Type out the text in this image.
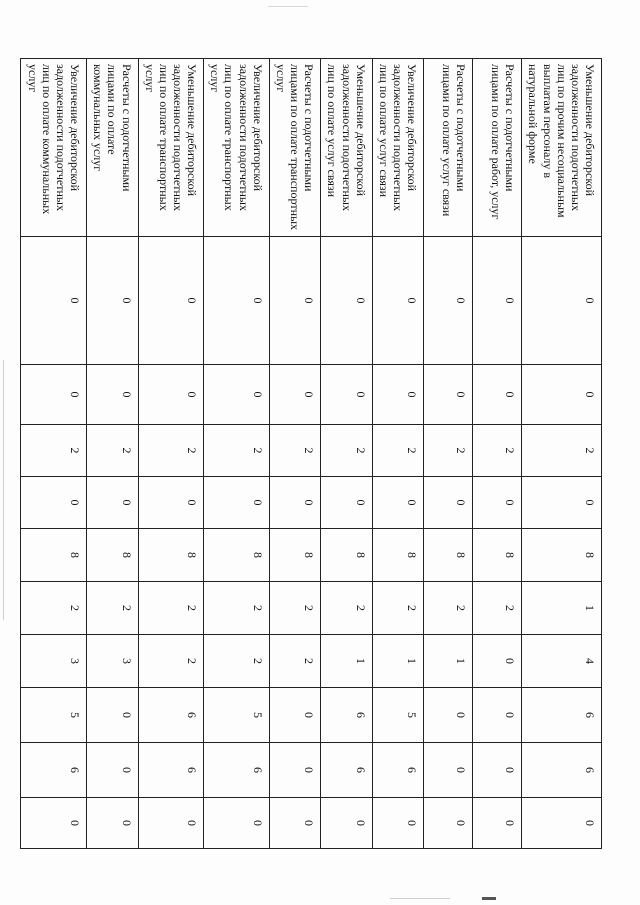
Уменьшение дебиторской задолженности подотчетных лиц по прочим несоциальным выплатам персоналу в натуральной форме	0	0	2	0	8	1	4	6	6	0
Расчеты с подотчетными лицами по оплате работ, услуг	0	0	2	0	8	2	0	0	0	0
Расчеты с подотчетными лицами по оплате услуг связи	0	0	2	0	8	2	1	0	0	0
Увеличение дебиторской задолженности подотчетных лиц по оплате услуг связи	0	0	2	0	8	2	1	5	6	0
Уменьшение дебиторской задолженности подотчетных лиц по оплате услуг связи	0	0	2	0	8	2	1	6	6	0
Расчеты с подотчетными лицами по оплате транспортных услуг	0	0	2	0	8	2	2	0	0	0
Увеличение дебиторской задолженности подотчетных лиц по оплате транспортных услуг	0	0	2	0	8	2	2	5	6	0
Уменьшение дебиторской задолженности подотчетных лиц по оплате транспортных услуг	0	0	2	0	8	2	2	6	6	0
Расчеты с подотчетными лицами по оплате коммунальных услуг	0	0	2	0	8	2	3	0	0	0
Увеличение дебиторской задолженности подотчетных лиц по оплате коммунальных услуг	0	0	2	0	8	2	3	5	6	0
